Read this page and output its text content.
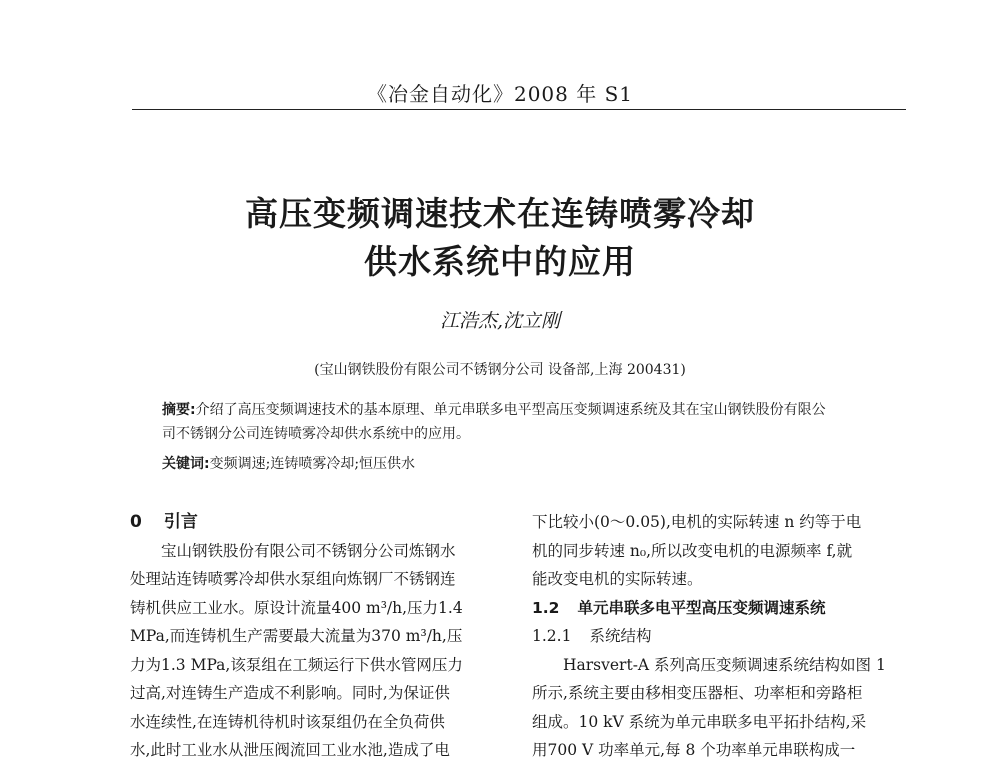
《冶金自动化》2008 年 S1
高压变频调速技术在连铸喷雾冷却
供水系统中的应用
江浩杰,沈立刚
(宝山钢铁股份有限公司不锈钢分公司 设备部,上海 200431)
摘要:介绍了高压变频调速技术的基本原理、单元串联多电平型高压变频调速系统及其在宝山钢铁股份有限公
司不锈钢分公司连铸喷雾冷却供水系统中的应用。
关键词:变频调速;连铸喷雾冷却;恒压供水
0 引言
宝山钢铁股份有限公司不锈钢分公司炼钢水
处理站连铸喷雾冷却供水泵组向炼钢厂不锈钢连
铸机供应工业水。原设计流量400 m³/h,压力1.4
MPa,而连铸机生产需要最大流量为370 m³/h,压
力为1.3 MPa,该泵组在工频运行下供水管网压力
过高,对连铸生产造成不利影响。同时,为保证供
水连续性,在连铸机待机时该泵组仍在全负荷供
水,此时工业水从泄压阀流回工业水池,造成了电
下比较小(0～0.05),电机的实际转速 n 约等于电
机的同步转速 n₀,所以改变电机的电源频率 f,就
能改变电机的实际转速。
1.2 单元串联多电平型高压变频调速系统
1.2.1 系统结构
Harsvert-A 系列高压变频调速系统结构如图 1
所示,系统主要由移相变压器柜、功率柜和旁路柜
组成。10 kV 系统为单元串联多电平拓扑结构,采
用700 V 功率单元,每 8 个功率单元串联构成一
